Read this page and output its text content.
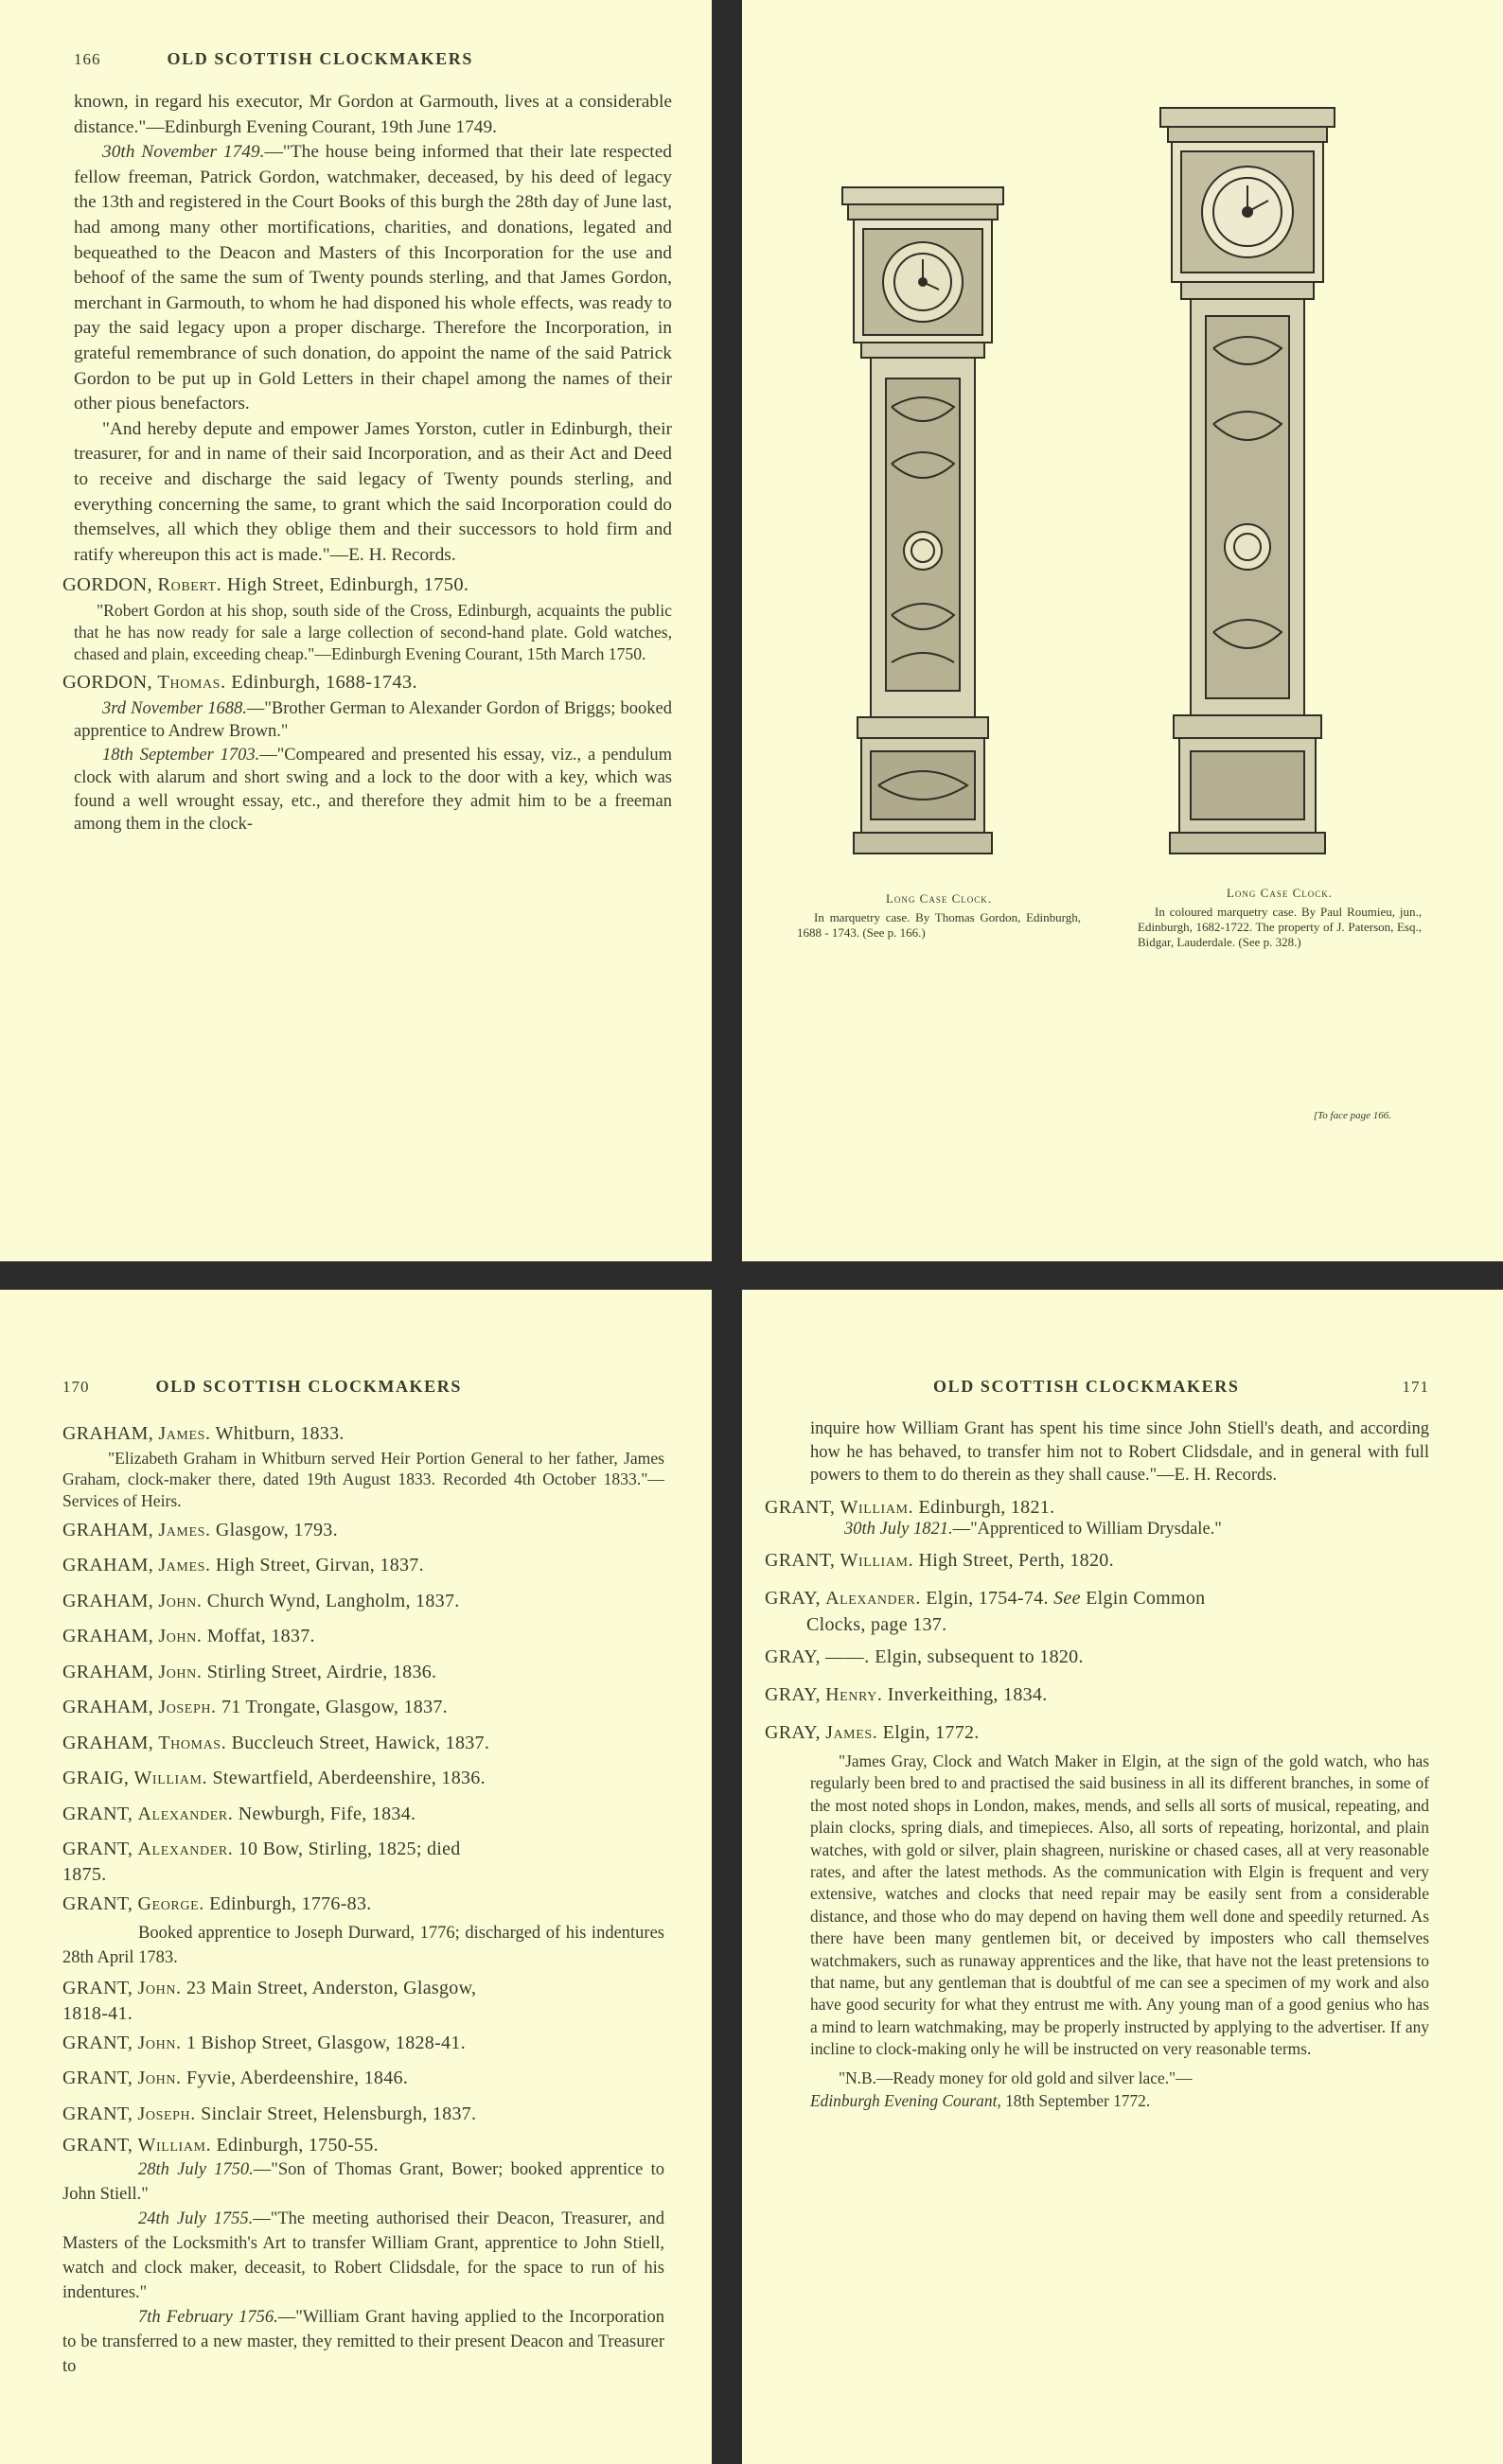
166	OLD SCOTTISH CLOCKMAKERS

known, in regard his executor, Mr Gordon at Garmouth, lives at a considerable distance."—Edinburgh Evening Courant, 19th June 1749.

30th November 1749.—"The house being informed that their late respected fellow freeman, Patrick Gordon, watchmaker, deceased, by his deed of legacy the 13th and registered in the Court Books of this burgh the 28th day of June last, had among many other mortifications, charities, and donations, legated and bequeathed to the Deacon and Masters of this Incorporation for the use and behoof of the same the sum of Twenty pounds sterling, and that James Gordon, merchant in Garmouth, to whom he had disponed his whole effects, was ready to pay the said legacy upon a proper discharge. Therefore the Incorporation, in grateful remembrance of such donation, do appoint the name of the said Patrick Gordon to be put up in Gold Letters in their chapel among the names of their other pious benefactors.

"And hereby depute and empower James Yorston, cutler in Edinburgh, their treasurer, for and in name of their said Incorporation, and as their Act and Deed to receive and discharge the said legacy of Twenty pounds sterling, and everything concerning the same, to grant which the said Incorporation could do themselves, all which they oblige them and their successors to hold firm and ratify whereupon this act is made."—E. H. Records.

GORDON, Robert. High Street, Edinburgh, 1750.
"Robert Gordon at his shop, south side of the Cross, Edinburgh, acquaints the public that he has now ready for sale a large collection of second-hand plate. Gold watches, chased and plain, exceeding cheap."—Edinburgh Evening Courant, 15th March 1750.
GORDON, Thomas. Edinburgh, 1688-1743.
3rd November 1688.—"Brother German to Alexander Gordon of Briggs; booked apprentice to Andrew Brown."
18th September 1703.—"Compeared and presented his essay, viz., a pendulum clock with alarum and short swing and a lock to the door with a key, which was found a well wrought essay, etc., and therefore they admit him to be a freeman among them in the clock-
Long Case Clock.
In marquetry case. By Thomas Gordon, Edinburgh, 1688 - 1743. (See p. 166.)
Long Case Clock.
In coloured marquetry case. By Paul Roumieu, jun., Edinburgh, 1682-1722. The property of J. Paterson, Esq., Bidgar, Lauderdale. (See p. 328.)
[To face page 166.
170	OLD SCOTTISH CLOCKMAKERS
GRAHAM, James. Whitburn, 1833.
"Elizabeth Graham in Whitburn served Heir Portion General to her father, James Graham, clock-maker there, dated 19th August 1833. Recorded 4th October 1833."—Services of Heirs.
GRAHAM, James. Glasgow, 1793.
GRAHAM, James. High Street, Girvan, 1837.
GRAHAM, John. Church Wynd, Langholm, 1837.
GRAHAM, John. Moffat, 1837.
GRAHAM, John. Stirling Street, Airdrie, 1836.
GRAHAM, Joseph. 71 Trongate, Glasgow, 1837.
GRAHAM, Thomas. Buccleuch Street, Hawick, 1837.
GRAIG, William. Stewartfield, Aberdeenshire, 1836.
GRANT, Alexander. Newburgh, Fife, 1834.
GRANT, Alexander. 10 Bow, Stirling, 1825; died
1875.
GRANT, George. Edinburgh, 1776-83.
Booked apprentice to Joseph Durward, 1776; discharged of his indentures 28th April 1783.
GRANT, John. 23 Main Street, Anderston, Glasgow,
1818-41.
GRANT, John. 1 Bishop Street, Glasgow, 1828-41.
GRANT, John. Fyvie, Aberdeenshire, 1846.
GRANT, Joseph. Sinclair Street, Helensburgh, 1837.
GRANT, William. Edinburgh, 1750-55.
28th July 1750.—"Son of Thomas Grant, Bower; booked apprentice to John Stiell."
24th July 1755.—"The meeting authorised their Deacon, Treasurer, and Masters of the Locksmith's Art to transfer William Grant, apprentice to John Stiell, watch and clock maker, deceasit, to Robert Clidsdale, for the space to run of his indentures."
7th February 1756.—"William Grant having applied to the Incorporation to be transferred to a new master, they remitted to their present Deacon and Treasurer to
OLD SCOTTISH CLOCKMAKERS	171
inquire how William Grant has spent his time since John Stiell's death, and according how he has behaved, to transfer him not to Robert Clidsdale, and in general with full powers to them to do therein as they shall cause."—E. H. Records.
GRANT, William. Edinburgh, 1821.
30th July 1821.—"Apprenticed to William Drysdale."
GRANT, William. High Street, Perth, 1820.
GRAY, Alexander. Elgin, 1754-74. See Elgin Common
Clocks, page 137.
GRAY, ——. Elgin, subsequent to 1820.
GRAY, Henry. Inverkeithing, 1834.
GRAY, James. Elgin, 1772.
"James Gray, Clock and Watch Maker in Elgin, at the sign of the gold watch, who has regularly been bred to and practised the said business in all its different branches, in some of the most noted shops in London, makes, mends, and sells all sorts of musical, repeating, and plain clocks, spring dials, and timepieces. Also, all sorts of repeating, horizontal, and plain watches, with gold or silver, plain shagreen, nuriskine or chased cases, all at very reasonable rates, and after the latest methods. As the communication with Elgin is frequent and very extensive, watches and clocks that need repair may be easily sent from a considerable distance, and those who do may depend on having them well done and speedily returned. As there have been many gentlemen bit, or deceived by imposters who call themselves watchmakers, such as runaway apprentices and the like, that have not the least pretensions to that name, but any gentleman that is doubtful of me can see a specimen of my work and also have good security for what they entrust me with. Any young man of a good genius who has a mind to learn watchmaking, may be properly instructed by applying to the advertiser. If any incline to clock-making only he will be instructed on very reasonable terms.
"N.B.—Ready money for old gold and silver lace."—
Edinburgh Evening Courant, 18th September 1772.
